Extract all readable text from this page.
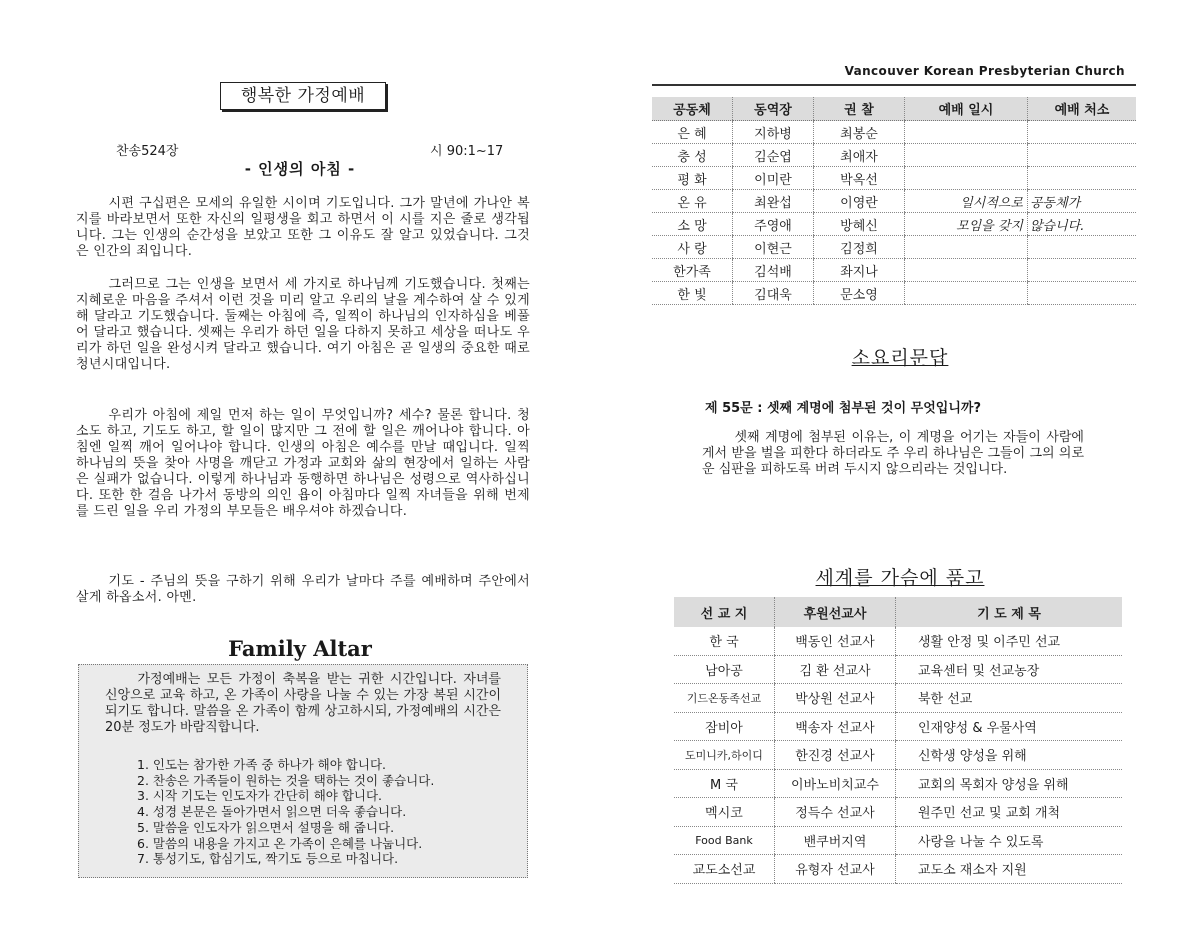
행복한 가정예배
찬송524장	시 90:1~17
- 인생의 아침 -
시편 구십편은 모세의 유일한 시이며 기도입니다. 그가 말년에 가나안 복지를 바라보면서 또한 자신의 일평생을 회고 하면서 이 시를 지은 줄로 생각됩니다. 그는 인생의 순간성을 보았고 또한 그 이유도 잘 알고 있었습니다. 그것은 인간의 죄입니다.
그러므로 그는 인생을 보면서 세 가지로 하나님께 기도했습니다. 첫째는 지혜로운 마음을 주셔서 이런 것을 미리 알고 우리의 날을 계수하여 살 수 있게 해 달라고 기도했습니다. 둘째는 아침에 즉, 일찍이 하나님의 인자하심을 베풀어 달라고 했습니다. 셋째는 우리가 하던 일을 다하지 못하고 세상을 떠나도 우리가 하던 일을 완성시켜 달라고 했습니다. 여기 아침은 곧 일생의 중요한 때로 청년시대입니다.
우리가 아침에 제일 먼저 하는 일이 무엇입니까? 세수? 물론 합니다. 청소도 하고, 기도도 하고, 할 일이 많지만 그 전에 할 일은 깨어나야 합니다. 아침엔 일찍 깨어 일어나야 합니다. 인생의 아침은 예수를 만날 때입니다. 일찍 하나님의 뜻을 찾아 사명을 깨닫고 가정과 교회와 삶의 현장에서 일하는 사람은 실패가 없습니다. 이렇게 하나님과 동행하면 하나님은 성령으로 역사하십니다. 또한 한 걸음 나가서 동방의 의인 욥이 아침마다 일찍 자녀들을 위해 번제를 드린 일을 우리 가정의 부모들은 배우셔야 하겠습니다.
기도 - 주님의 뜻을 구하기 위해 우리가 날마다 주를 예배하며 주안에서 살게 하옵소서. 아멘.
Family Altar
가정예배는 모든 가정이 축복을 받는 귀한 시간입니다. 자녀를 신앙으로 교육 하고, 온 가족이 사랑을 나눌 수 있는 가장 복된 시간이 되기도 합니다. 말씀을 온 가족이 함께 상고하시되, 가정예배의 시간은 20분 정도가 바람직합니다.
1. 인도는 참가한 가족 중 하나가 해야 합니다.
2. 찬송은 가족들이 원하는 것을 택하는 것이 좋습니다.
3. 시작 기도는 인도자가 간단히 해야 합니다.
4. 성경 본문은 돌아가면서 읽으면 더욱 좋습니다.
5. 말씀을 인도자가 읽으면서 설명을 해 줍니다.
6. 말씀의 내용을 가지고 온 가족이 은혜를 나눕니다.
7. 통성기도, 합심기도, 짝기도 등으로 마칩니다.
Vancouver Korean Presbyterian Church
공동체	동역장	권 찰	예배 일시	예배 처소
은 혜	지하병	최봉순		
충 성	김순엽	최애자		
평 화	이미란	박옥선		
온 유	최완섭	이영란	일시적으로	공동체가
소 망	주영애	방혜신	모임을 갖지	않습니다.
사 랑	이현근	김정희		
한가족	김석배	좌지나		
한 빛	김대욱	문소영		
소요리문답
제 55문 : 셋째 계명에 첨부된 것이 무엇입니까?
셋째 계명에 첨부된 이유는, 이 계명을 어기는 자들이 사람에게서 받을 벌을 피한다 하더라도 주 우리 하나님은 그들이 그의 의로운 심판을 피하도록 버려 두시지 않으리라는 것입니다.
세계를 가슴에 품고
선 교 지	후원선교사	기 도 제 목
한 국	백동인 선교사	생활 안정 및 이주민 선교
남아공	김 환 선교사	교육센터 및 선교농장
기드온동족선교	박상원 선교사	북한 선교
잠비아	백송자 선교사	인재양성 & 우물사역
도미니카,하이디	한진경 선교사	신학생 양성을 위해
M 국	이바노비치교수	교회의 목회자 양성을 위해
멕시코	정득수 선교사	원주민 선교 및 교회 개척
Food Bank	밴쿠버지역	사랑을 나눌 수 있도록
교도소선교	유형자 선교사	교도소 재소자 지원
